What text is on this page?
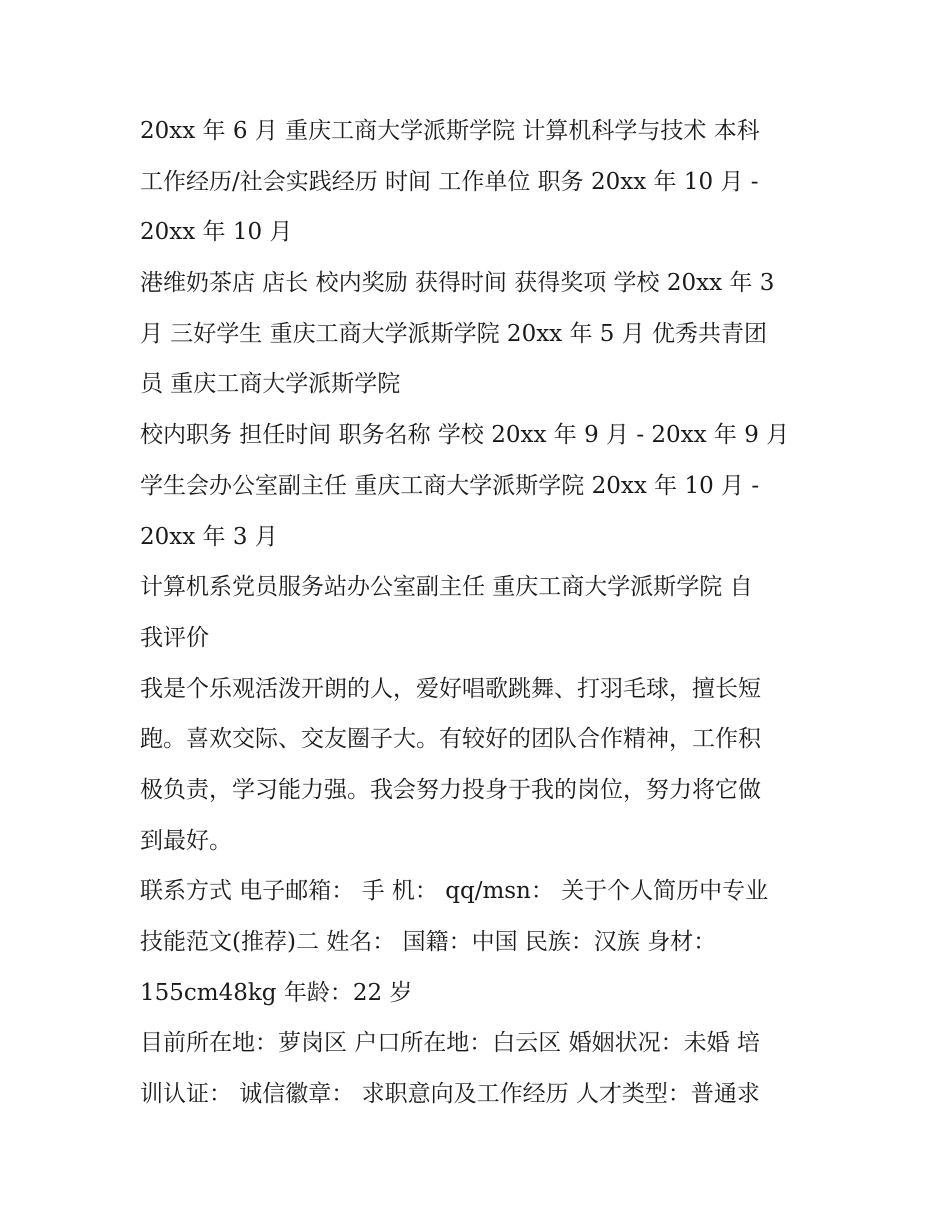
20xx 年 6 月 重庆工商大学派斯学院 计算机科学与技术 本科
工作经历/社会实践经历 时间 工作单位 职务 20xx 年 10 月 -
20xx 年 10 月
港维奶茶店 店长 校内奖励 获得时间 获得奖项 学校 20xx 年 3
月 三好学生 重庆工商大学派斯学院 20xx 年 5 月 优秀共青团
员 重庆工商大学派斯学院
校内职务 担任时间 职务名称 学校 20xx 年 9 月 - 20xx 年 9 月
学生会办公室副主任 重庆工商大学派斯学院 20xx 年 10 月 -
20xx 年 3 月
计算机系党员服务站办公室副主任 重庆工商大学派斯学院 自
我评价
我是个乐观活泼开朗的人，爱好唱歌跳舞、打羽毛球，擅长短
跑。喜欢交际、交友圈子大。有较好的团队合作精神，工作积
极负责，学习能力强。我会努力投身于我的岗位，努力将它做
到最好。
联系方式 电子邮箱： 手 机： qq/msn： 关于个人简历中专业
技能范文(推荐)二 姓名： 国籍：中国 民族：汉族 身材：
155cm48kg 年龄：22 岁
目前所在地：萝岗区 户口所在地：白云区 婚姻状况：未婚 培
训认证： 诚信徽章： 求职意向及工作经历 人才类型：普通求
